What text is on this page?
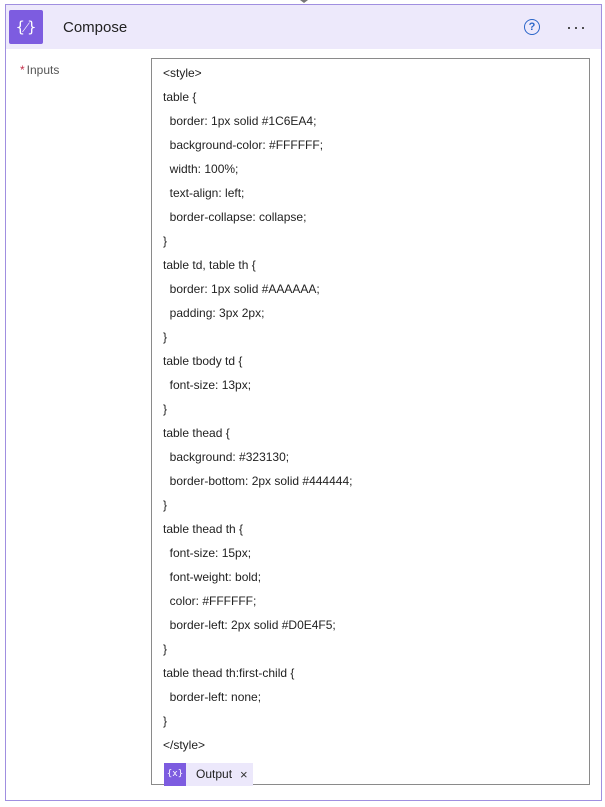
{⁄}	Compose	? ···
* Inputs	<style>
table {
border: 1px solid #1C6EA4;
background-color: #FFFFFF;
width: 100%;
text-align: left;
border-collapse: collapse;
}
table td, table th {
border: 1px solid #AAAAAA;
padding: 3px 2px;
}
table tbody td {
font-size: 13px;
}
table thead {
background: #323130;
border-bottom: 2px solid #444444;
}
table thead th {
font-size: 15px;
font-weight: bold;
color: #FFFFFF;
border-left: 2px solid #D0E4F5;
}
table thead th:first-child {
border-left: none;
}
</style>
{x} Output ×
